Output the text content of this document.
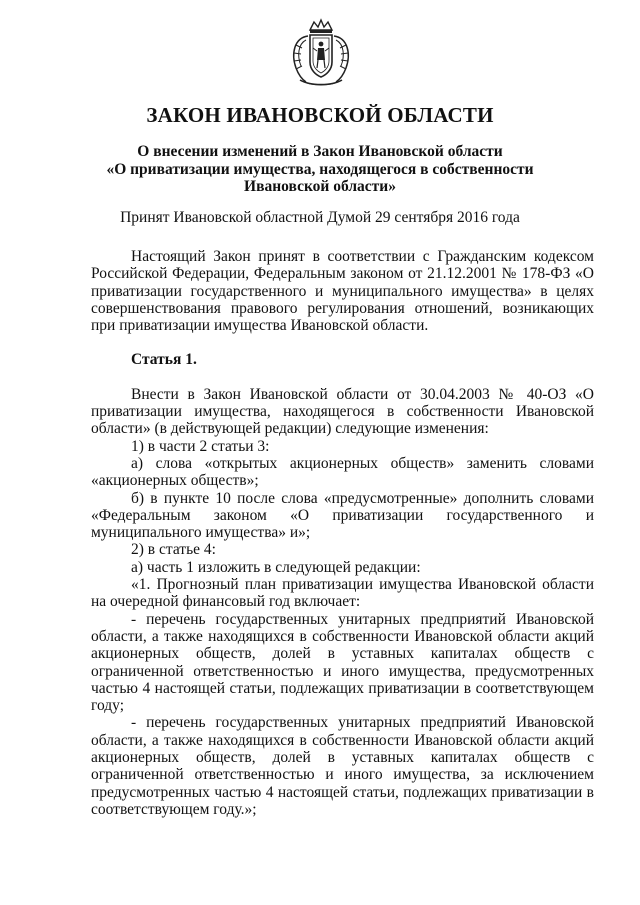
ЗАКОН ИВАНОВСКОЙ ОБЛАСТИ
О внесении изменений в Закон Ивановской области
«О приватизации имущества, находящегося в собственности
Ивановской области»
Принят Ивановской областной Думой 29 сентября 2016 года

Настоящий Закон принят в соответствии с Гражданским кодексом Российской Федерации, Федеральным законом от 21.12.2001 № 178-ФЗ «О приватизации государственного и муниципального имущества» в целях совершенствования правового регулирования отношений, возникающих при приватизации имущества Ивановской области.

Статья 1.

Внести в Закон Ивановской области от 30.04.2003 № 40-ОЗ «О приватизации имущества, находящегося в собственности Ивановской области» (в действующей редакции) следующие изменения:

1) в части 2 статьи 3:

а) слова «открытых акционерных обществ» заменить словами «акционерных обществ»;

б) в пункте 10 после слова «предусмотренные» дополнить словами «Федеральным законом «О приватизации государственного и муниципального имущества» и»;

2) в статье 4:

а) часть 1 изложить в следующей редакции:

«1. Прогнозный план приватизации имущества Ивановской области на очередной финансовый год включает:

- перечень государственных унитарных предприятий Ивановской области, а также находящихся в собственности Ивановской области акций акционерных обществ, долей в уставных капиталах обществ с ограниченной ответственностью и иного имущества, предусмотренных частью 4 настоящей статьи, подлежащих приватизации в соответствующем году;

- перечень государственных унитарных предприятий Ивановской области, а также находящихся в собственности Ивановской области акций акционерных обществ, долей в уставных капиталах обществ с ограниченной ответственностью и иного имущества, за исключением предусмотренных частью 4 настоящей статьи, подлежащих приватизации в соответствующем году.»;
